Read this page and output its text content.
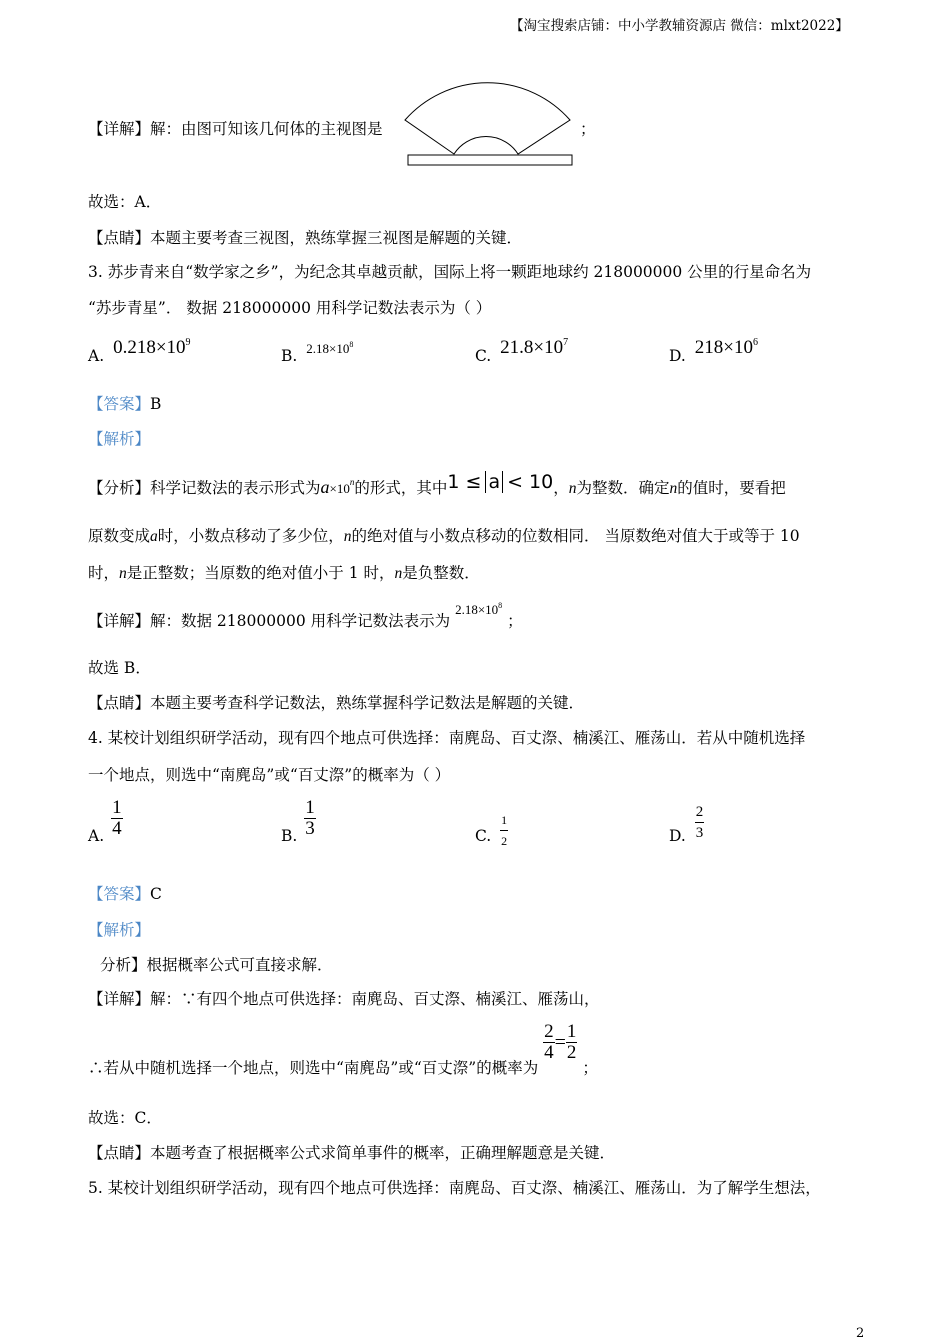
【淘宝搜索店铺：中小学教辅资源店 微信：mlxt2022】
【详解】解：由图可知该几何体的主视图是	；
故选：A．
【点睛】本题主要考查三视图，熟练掌握三视图是解题的关键．
3. 苏步青来自“数学家之乡”，为纪念其卓越贡献，国际上将一颗距地球约 218000000 公里的行星命名为
“苏步青星”． 数据 218000000 用科学记数法表示为（ ）
A. $0.218\times 10^9$
B. $^{2.18\times 10^8}$
C. $21.8\times 10^7$
D. $218\times 10^6$
【答案】B
【解析】
【分析】科学记数法的表示形式为$a\times 10^n$的形式，其中1 ≤ a < 10，n为整数．确定n的值时，要看把
原数变成a时，小数点移动了多少位，n的绝对值与小数点移动的位数相同． 当原数绝对值大于或等于 10
时，n是正整数；当原数的绝对值小于 1 时，n是负整数．
【详解】解：数据 218000000 用科学记数法表示为 $^{2.18\times 10^8}$ ；
故选 B．
【点睛】本题主要考查科学记数法，熟练掌握科学记数法是解题的关键．
4. 某校计划组织研学活动，现有四个地点可供选择：南麂岛、百丈漈、楠溪江、雁荡山．若从中随机选择
一个地点，则选中“南麂岛”或“百丈漈”的概率为（ ）
A. $\frac{1}{4}$	B. $\frac{1}{3}$	C. $\frac{1}{2}$	D. $\frac{2}{3}$
【答案】C
【解析】
分析】根据概率公式可直接求解．
【详解】解：∵有四个地点可供选择：南麂岛、百丈漈、楠溪江、雁荡山，
∴若从中随机选择一个地点，则选中“南麂岛”或“百丈漈”的概率为
$\frac{2}{4} = \frac{1}{2}$
；
故选：C．
【点睛】本题考查了根据概率公式求简单事件的概率，正确理解题意是关键．
5. 某校计划组织研学活动，现有四个地点可供选择：南麂岛、百丈漈、楠溪江、雁荡山．为了解学生想法，
2
